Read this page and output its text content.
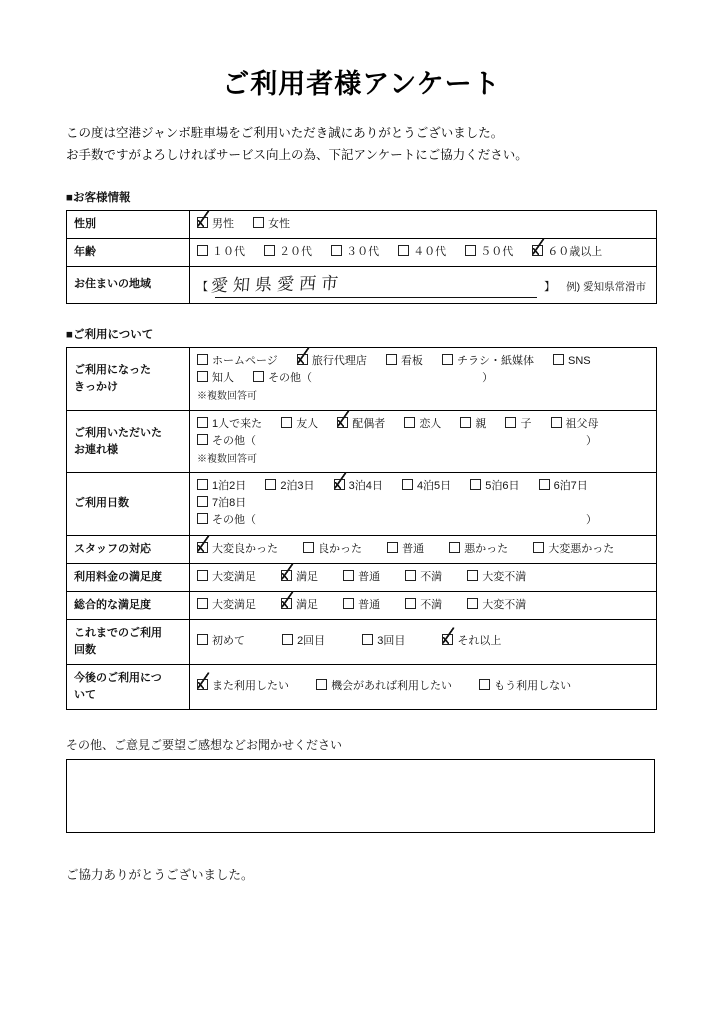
ご利用者様アンケート
この度は空港ジャンボ駐車場をご利用いただき誠にありがとうございました。
お手数ですがよろしければサービス向上の為、下記アンケートにご協力ください。
■お客様情報
性別	男性 女性
年齢	１０代 ２０代 ３０代 ４０代 ５０代 ６０歳以上
お住まいの地域	【 愛知県愛西市 】 例) 愛知県常滑市
■ご利用について
ご利用になった
きっかけ	ホームページ 旅行代理店 看板 チラシ・紙媒体 SNS
知人 その他（ ）
※複数回答可

ご利用いただいた
お連れ様	1人で来た 友人 配偶者 恋人 親 子 祖父母
その他（ ）
※複数回答可

ご利用日数	1泊2日 2泊3日 3泊4日 4泊5日 5泊6日 6泊7日
7泊8日 その他（ ）

スタッフの対応	大変良かった 良かった 普通 悪かった 大変悪かった
利用料金の満足度	大変満足 満足 普通 不満 大変不満
総合的な満足度	大変満足 満足 普通 不満 大変不満

これまでのご利用
回数	初めて 2回目 3回目 それ以上

今後のご利用につ
いて	また利用したい 機会があれば利用したい もう利用しない
その他、ご意見ご要望ご感想などお聞かせください
ご協力ありがとうございました。
